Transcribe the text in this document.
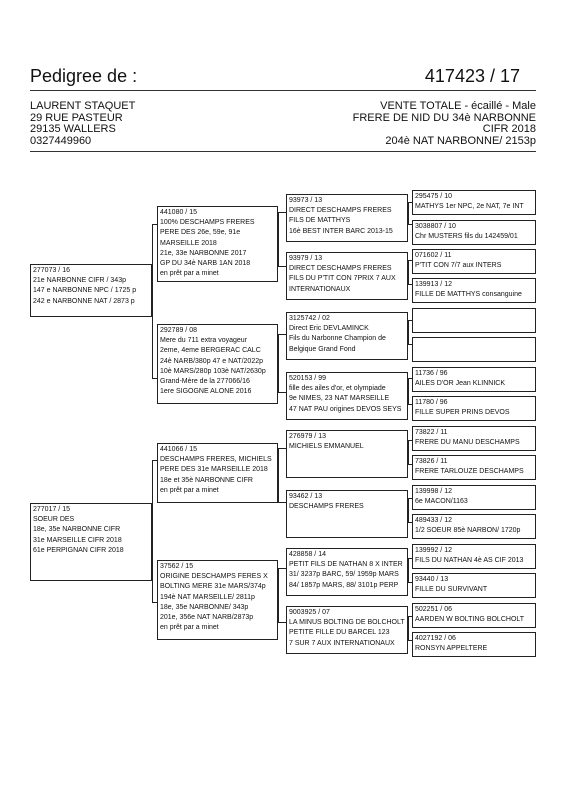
Pedigree de :	417423 / 17
LAURENT STAQUET
29 RUE PASTEUR
29135 WALLERS
0327449960
VENTE TOTALE - écaillé - Male
FRERE DE NID DU 34è NARBONNE
CIFR 2018
204è NAT NARBONNE/ 2153p
277073 / 16
21e NARBONNE CIFR / 343p
147 e NARBONNE NPC / 1725 p
242 e NARBONNE NAT / 2873 p
277017 / 15
SOEUR DES
18e, 35e NARBONNE CIFR
31e MARSEILLE CIFR 2018
61e PERPIGNAN CIFR 2018
441080 / 15
100% DESCHAMPS FRERES
PERE DES 26e, 59e, 91e
MARSEILLE 2018
21e, 33e NARBONNE 2017
GP DU 34è NARB 1AN 2018
en prêt par a minet
292789 / 08
Mere du 711 extra voyageur
2eme, 4eme BERGERAC CALC
24è NARB/380p 47 e NAT/2022p
10è MARS/280p 103è NAT/2630p
Grand-Mère de la 277066/16
1ere SIGOGNE ALONE 2016
441066 / 15
DESCHAMPS FRERES, MICHIELS
PERE DES 31e MARSEILLE 2018
18e et 35è NARBONNE CIFR
en prêt par a minet
37562 / 15
ORIGINE DESCHAMPS FERES X
BOLTING MERE 31e MARS/374p
194è NAT MARSEILLE/ 2811p
18e, 35e NARBONNE/ 343p
201e, 356e NAT NARB/2873p
en prêt par a minet
93973 / 13
DIRECT DESCHAMPS FRERES
FILS DE MATTHYS
16è BEST INTER BARC 2013-15
93979 / 13
DIRECT DESCHAMPS FRERES
FILS DU P'TIT CON 7PRIX 7 AUX
INTERNATIONAUX
3125742 / 02
Direct Eric DEVLAMINCK
Fils du Narbonne Champion de
Belgique Grand Fond
520153 / 99
fille des ailes d'or, et olympiade
9e NIMES, 23 NAT MARSEILLE
47 NAT PAU origines DEVOS SEYS
276979 / 13
MICHIELS EMMANUEL
93462 / 13
DESCHAMPS FRERES
428858 / 14
PETIT FILS DE NATHAN 8 X INTER
31/ 3237p BARC, 59/ 1959p MARS
84/ 1857p MARS, 88/ 3101p PERP
9003925 / 07
LA MINUS BOLTING DE BOLCHOLT
PETITE FILLE DU BARCEL 123
7 SUR 7 AUX INTERNATIONAUX
295475 / 10
MATHYS 1er NPC, 2e NAT, 7e INT
3038807 / 10
Chr MUSTERS fils du 142459/01
071602 / 11
P'TIT CON 7/7 aux INTERS
139913 / 12
FILLE DE MATTHYS consanguine
11736 / 96
AILES D'OR Jean KLINNICK
11780 / 96
FILLE SUPER PRINS DEVOS
73822 / 11
FRERE DU MANU DESCHAMPS
73826 / 11
FRERE TARLOUZE DESCHAMPS
139998 / 12
6e MACON/1163
489433 / 12
1/2 SOEUR 85è NARBON/ 1720p
139992 / 12
FILS DU NATHAN 4è AS CIF 2013
93440 / 13
FILLE DU SURVIVANT
502251 / 06
AARDEN W BOLTING BOLCHOLT
4027192 / 06
RONSYN APPELTERE
